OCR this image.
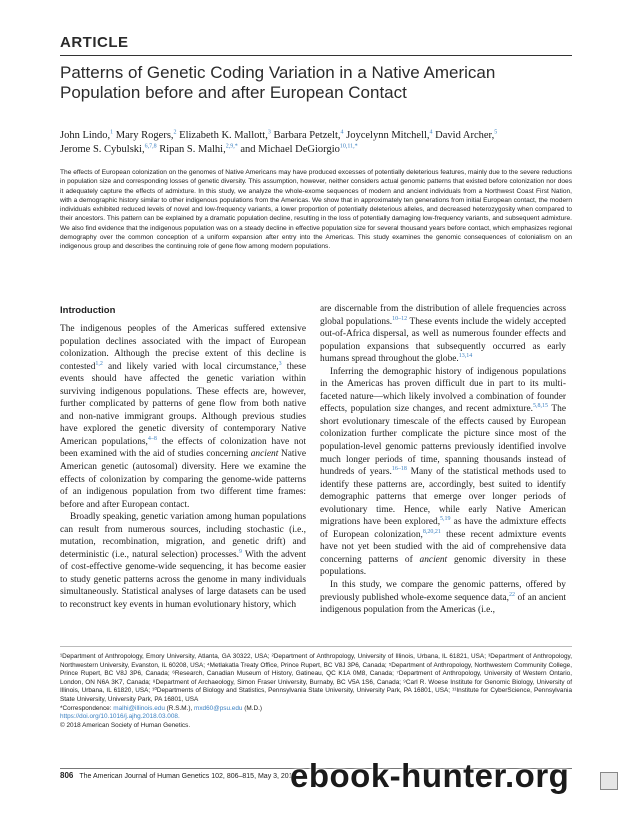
ARTICLE
Patterns of Genetic Coding Variation in a Native American Population before and after European Contact
John Lindo,$^1$ Mary Rogers,$^2$ Elizabeth K. Mallott,$^3$ Barbara Petzelt,$^4$ Joycelynn Mitchell,$^4$ David Archer,$^5$
Jerome S. Cybulski,$^{6,7,8}$ Ripan S. Malhi,$^{2,9,*}$ and Michael DeGiorgio$^{10,11,*}$
The effects of European colonization on the genomes of Native Americans may have produced excesses of potentially deleterious features, mainly due to the severe reductions in population size and corresponding losses of genetic diversity. This assumption, however, neither considers actual genomic patterns that existed before colonization nor does it adequately capture the effects of admixture. In this study, we analyze the whole-exome sequences of modern and ancient individuals from a Northwest Coast First Nation, with a demographic history similar to other indigenous populations from the Americas. We show that in approximately ten generations from initial European contact, the modern individuals exhibited reduced levels of novel and low-frequency variants, a lower proportion of potentially deleterious alleles, and decreased heterozygosity when compared to their ancestors. This pattern can be explained by a dramatic population decline, resulting in the loss of potentially damaging low-frequency variants, and subsequent admixture. We also find evidence that the indigenous population was on a steady decline in effective population size for several thousand years before contact, which emphasizes regional demography over the common conception of a uniform expansion after entry into the Americas. This study examines the genomic consequences of colonialism on an indigenous group and describes the continuing role of gene flow among modern populations.
Introduction

The indigenous peoples of the Americas suffered extensive population declines associated with the impact of European colonization. Although the precise extent of this decline is contested$^{1,2}$ and likely varied with local circumstance,$^3$ these events should have affected the genetic variation within surviving indigenous populations. These effects are, however, further complicated by patterns of gene flow from both native and non-native immigrant groups. Although previous studies have explored the genetic diversity of contemporary Native American populations,$^{4-8}$ the effects of colonization have not been examined with the aid of studies concerning ancient Native American genetic (autosomal) diversity. Here we examine the effects of colonization by comparing the genome-wide patterns of an indigenous population from two different time frames: before and after European contact.

Broadly speaking, genetic variation among human populations can result from numerous sources, including stochastic (i.e., mutation, recombination, migration, and genetic drift) and deterministic (i.e., natural selection) processes.$^9$ With the advent of cost-effective genome-wide sequencing, it has become easier to study genetic patterns across the genome in many individuals simultaneously. Statistical analyses of large datasets can be used to reconstruct key events in human evolutionary history, which

are discernable from the distribution of allele frequencies across global populations.$^{10-12}$ These events include the widely accepted out-of-Africa dispersal, as well as numerous founder effects and population expansions that subsequently occurred as early humans spread throughout the globe.$^{13,14}$

Inferring the demographic history of indigenous populations in the Americas has proven difficult due in part to its multi-faceted nature—which likely involved a combination of founder effects, population size changes, and recent admixture.$^{5,8,15}$ The short evolutionary timescale of the effects caused by European colonization further complicate the picture since most of the population-level genomic patterns previously identified involve much longer periods of time, spanning thousands instead of hundreds of years.$^{16-18}$ Many of the statistical methods used to identify these patterns are, accordingly, best suited to identify demographic patterns that emerge over longer periods of evolutionary time. Hence, while early Native American migrations have been explored,$^{5,19}$ as have the admixture effects of European colonization,$^{8,20,21}$ these recent admixture events have not yet been studied with the aid of comprehensive data concerning patterns of ancient genomic diversity in these populations.

In this study, we compare the genomic patterns, offered by previously published whole-exome sequence data,$^{22}$ of an ancient indigenous population from the Americas (i.e.,

¹Department of Anthropology, Emory University, Atlanta, GA 30322, USA; ²Department of Anthropology, University of Illinois, Urbana, IL 61821, USA; ³Department of Anthropology, Northwestern University, Evanston, IL 60208, USA; ⁴Metlakatla Treaty Office, Prince Rupert, BC V8J 3P6, Canada; ⁵Department of Anthropology, Northwestern Community College, Prince Rupert, BC V8J 3P6, Canada; ⁶Research, Canadian Museum of History, Gatineau, QC K1A 0M8, Canada; ⁷Department of Anthropology, University of Western Ontario, London, ON N6A 3K7, Canada; ⁸Department of Archaeology, Simon Fraser University, Burnaby, BC V5A 1S6, Canada; ⁹Carl R. Woese Institute for Genomic Biology, University of Illinois, Urbana, IL 61820, USA; ¹⁰Departments of Biology and Statistics, Pennsylvania State University, University Park, PA 16801, USA; ¹¹Institute for CyberScience, Pennsylvania State University, University Park, PA 16801, USA
*Correspondence: malhi@illinois.edu (R.S.M.), mxd60@psu.edu (M.D.)
https://doi.org/10.1016/j.ajhg.2018.03.008.
© 2018 American Society of Human Genetics.
806 The American Journal of Human Genetics 102, 806–815, May 3, 2018
ebook-hunter.org
